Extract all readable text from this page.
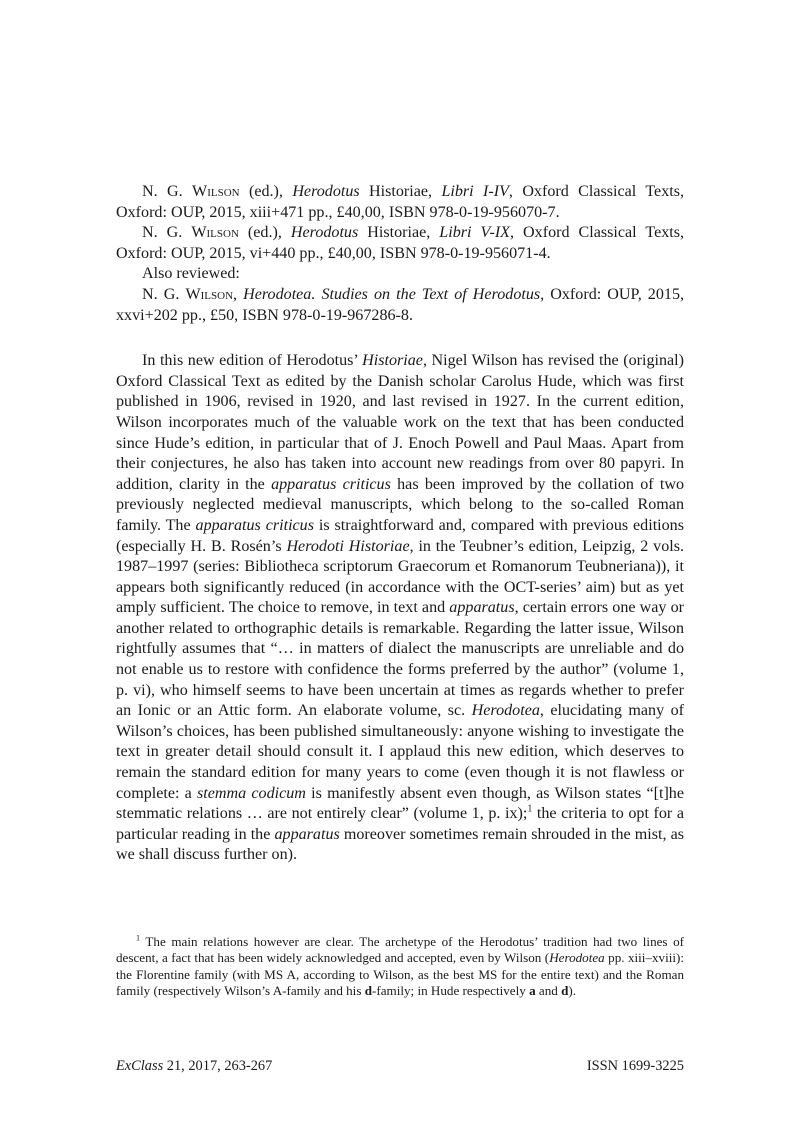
N. G. Wilson (ed.), Herodotus Historiae, Libri I-IV, Oxford Classical Texts, Oxford: OUP, 2015, xiii+471 pp., £40,00, ISBN 978-0-19-956070-7.

N. G. Wilson (ed.), Herodotus Historiae, Libri V-IX, Oxford Classical Texts, Oxford: OUP, 2015, vi+440 pp., £40,00, ISBN 978-0-19-956071-4.

Also reviewed:

N. G. Wilson, Herodotea. Studies on the Text of Herodotus, Oxford: OUP, 2015, xxvi+202 pp., £50, ISBN 978-0-19-967286-8.

In this new edition of Herodotus’ Historiae, Nigel Wilson has revised the (original) Oxford Classical Text as edited by the Danish scholar Carolus Hude, which was first published in 1906, revised in 1920, and last revised in 1927. In the current edition, Wilson incorporates much of the valuable work on the text that has been conducted since Hude’s edition, in particular that of J. Enoch Powell and Paul Maas. Apart from their conjectures, he also has taken into account new readings from over 80 papyri. In addition, clarity in the apparatus criticus has been improved by the collation of two previously neglected medieval manuscripts, which belong to the so-called Roman family. The apparatus criticus is straightforward and, compared with previous editions (especially H. B. Rosén’s Herodoti Historiae, in the Teubner’s edition, Leipzig, 2 vols. 1987–1997 (series: Bibliotheca scriptorum Graecorum et Romanorum Teubneriana)), it appears both significantly reduced (in accordance with the OCT-series’ aim) but as yet amply sufficient. The choice to remove, in text and apparatus, certain errors one way or another related to orthographic details is remarkable. Regarding the latter issue, Wilson rightfully assumes that “… in matters of dialect the manuscripts are unreliable and do not enable us to restore with confidence the forms preferred by the author” (volume 1, p. vi), who himself seems to have been uncertain at times as regards whether to prefer an Ionic or an Attic form. An elaborate volume, sc. Herodotea, elucidating many of Wilson’s choices, has been published simultaneously: anyone wishing to investigate the text in greater detail should consult it. I applaud this new edition, which deserves to remain the standard edition for many years to come (even though it is not flawless or complete: a stemma codicum is manifestly absent even though, as Wilson states “[t]he stemmatic relations … are not entirely clear” (volume 1, p. ix);$^1$ the criteria to opt for a particular reading in the apparatus moreover sometimes remain shrouded in the mist, as we shall discuss further on).

$^1$ The main relations however are clear. The archetype of the Herodotus’ tradition had two lines of descent, a fact that has been widely acknowledged and accepted, even by Wilson (Herodotea pp. xiii–xviii): the Florentine family (with MS A, according to Wilson, as the best MS for the entire text) and the Roman family (respectively Wilson’s A-family and his d-family; in Hude respectively a and d).

ExClass 21, 2017, 263-267	ISSN 1699-3225
